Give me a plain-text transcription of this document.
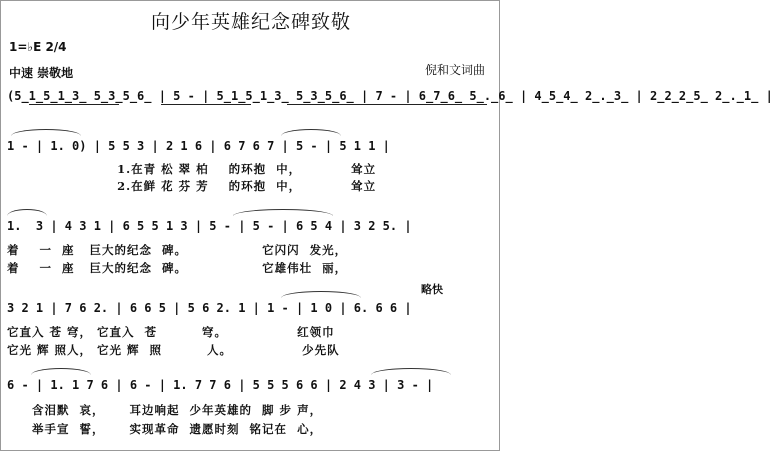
向少年英雄纪念碑致敬
1=♭E 2/4
中速 崇敬地	倪和文词曲
(5̲1̲5̲1̲3̲ 5̲3̲5̲6̲ | 5 - | 5̲1̲5̲1̲3̲ 5̲3̲5̲6̲ | 7 - | 6̲7̲6̲ 5̲.̲6̲ | 4̲5̲4̲ 2̲.̲3̲ | 2̲2̲2̲5̲ 2̲.̲1̲ |
1 - | 1. 0) | 5 5 3 | 2 1 6 | 6 7 6 7 | 5 - | 5 1 1 |
1.在青 松 翠 柏    的环抱  中，          耸立
2.在鲜 花 芬 芳    的环抱  中，          耸立
1.  3 | 4 3 1 | 6 5 5 1 3 | 5 - | 5 - | 6 5 4 | 3 2 5. |
着    一  座   巨大的纪念  碑。               它闪闪  发光，
着    一  座   巨大的纪念  碑。               它雄伟壮  丽，
略快
3 2 1 | 7 6 2. | 6 6 5 | 5 6 2. 1 | 1 - | 1 0 | 6. 6 6 |
它直入 苍 穹， 它直入  苍         穹。              红领巾
它光 辉 照人， 它光 辉  照         人。              少先队
6 - | 1. 1 7 6 | 6 - | 1. 7 7 6 | 5 5 5 6 6 | 2 4 3 | 3 - |
含泪默  哀，     耳边响起  少年英雄的  脚 步 声，
举手宣  誓，     实现革命  遗愿时刻  铭记在  心，
